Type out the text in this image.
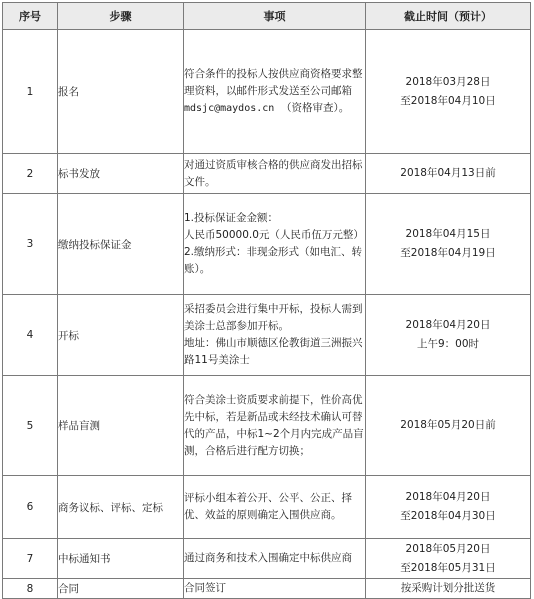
序号	步骤	事项	截止时间（预计）
1	报名	符合条件的投标人按供应商资格要求整理资料，以邮件形式发送至公司邮箱
mdsjc@maydos.cn （资格审查）。	2018年03月28日
至2018年04月10日

2	标书发放	对通过资质审核合格的供应商发出招标文件。	2018年04月13日前

3	缴纳投标保证金	1.投标保证金金额：
人民币50000.0元（人民币伍万元整）
2.缴纳形式：非现金形式（如电汇、转账）。	2018年04月15日
至2018年04月19日

4	开标	采招委员会进行集中开标，投标人需到美涂士总部参加开标。
地址：佛山市顺德区伦教街道三洲振兴路11号美涂士	2018年04月20日
上午9：00时

5	样品盲测	符合美涂士资质要求前提下，性价高优先中标，若是新品或未经技术确认可替代的产品，中标1~2个月内完成产品盲测，合格后进行配方切换；	2018年05月20日前

6	商务议标、评标、定标	评标小组本着公开、公平、公正、择优、效益的原则确定入围供应商。	2018年04月20日
至2018年04月30日

7	中标通知书	通过商务和技术入围确定中标供应商	2018年05月20日
至2018年05月31日

8	合同	合同签订	按采购计划分批送货
